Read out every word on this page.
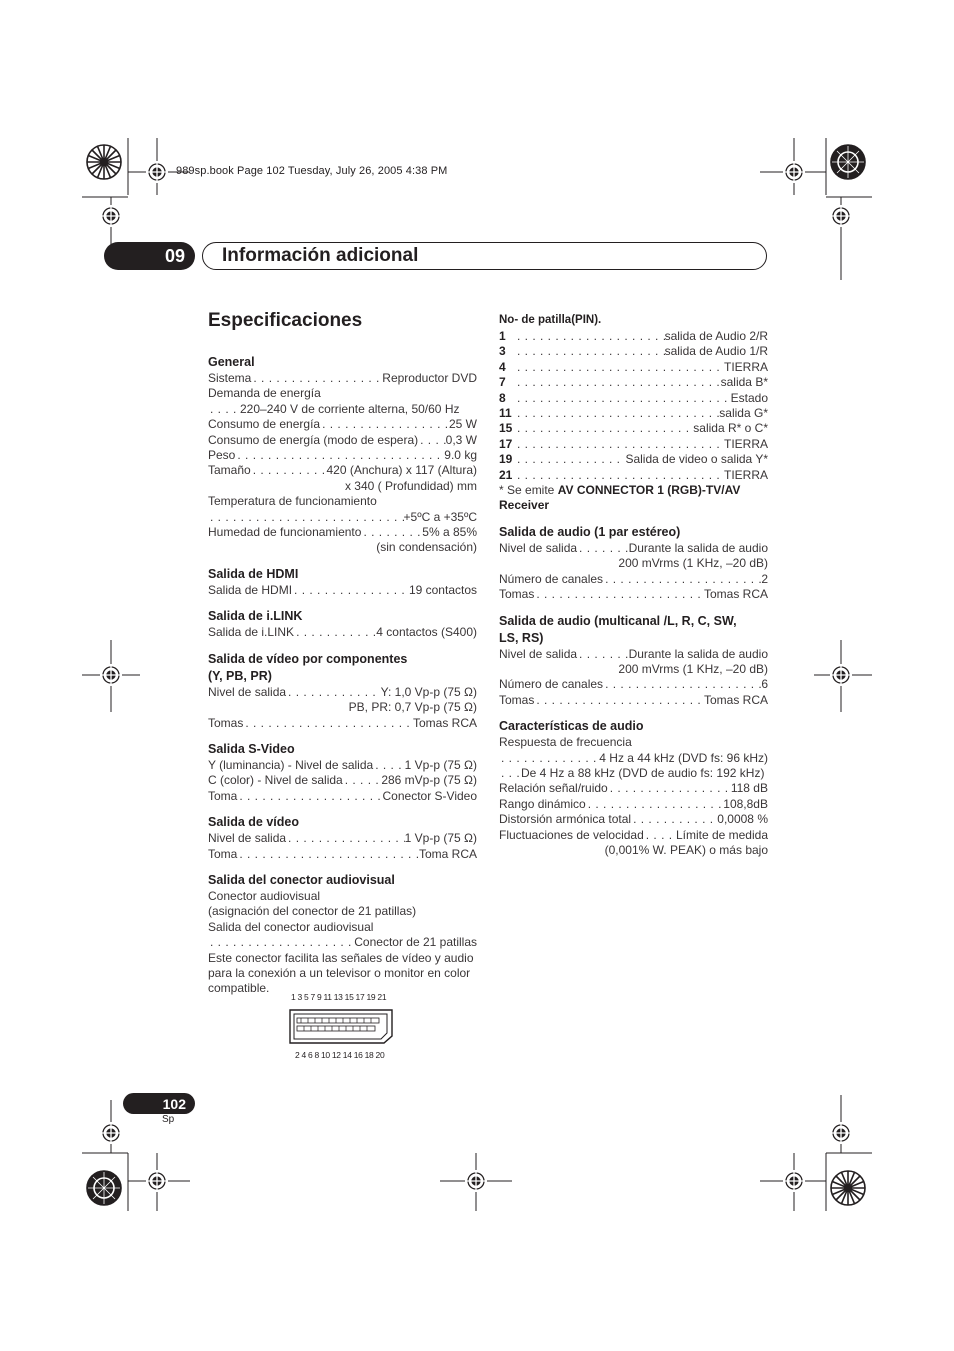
989sp.book Page 102 Tuesday, July 26, 2005 4:38 PM
09 Información adicional
Especificaciones
General
Sistema . . .	Reproductor DVD
Demanda de energía
. . .
220–240 V de corriente alterna, 50/60 Hz
Consumo de energía . . .	25 W
Consumo de energía (modo de espera) . . . 0,3 W
Peso . . .	9.0 kg
Tamaño . . .	420 (Anchura) x 117 (Altura)
x 340 ( Profundidad) mm
Temperatura de funcionamiento
. . .
+5ºC a +35ºC
Humedad de funcionamiento . . .	5% a 85%
(sin condensación)
Salida de HDMI
Salida de HDMI . . .	19 contactos
Salida de i.LINK
Salida de i.LINK . . .	4 contactos (S400)
Salida de vídeo por componentes
(Y, PB, PR)
Nivel de salida . . .	Y: 1,0 Vp-p (75 Ω)
PB, PR: 0,7 Vp-p (75 Ω)
Tomas . . .	Tomas RCA
Salida S-Video
Y (luminancia) - Nivel de salida . . .	1 Vp-p (75 Ω)
C (color) - Nivel de salida . . .	286 mVp-p (75 Ω)
Toma . . .	Conector S-Video
Salida de vídeo
Nivel de salida . . .	1 Vp-p (75 Ω)
Toma . . .	Toma RCA
Salida del conector audiovisual
Conector audiovisual
(asignación del conector de 21 patillas)
Salida del conector audiovisual
. . .
Conector de 21 patillas
Este conector facilita las señales de vídeo y audio para la conexión a un televisor o monitor en color compatible.
1 3 5 7 9 11 13 15 17 19 21
2 4 6 8 10 12 14 16 18 20
No- de patilla(PIN).
1 . . .	salida de Audio 2/R
3 . . .	salida de Audio 1/R
4 . . .	TIERRA
7 . . .	salida B*
8 . . .	Estado
11 . . .	salida G*
15 . . .	salida R* o C*
17 . . .	TIERRA
19 . . .	Salida de video o salida Y*
21 . . .	TIERRA
* Se emite AV CONNECTOR 1 (RGB)-TV/AV
Receiver
Salida de audio (1 par estéreo)
Nivel de salida . . .	Durante la salida de audio
200 mVrms (1 KHz, –20 dB)
Número de canales . . .	2
Tomas . . .	Tomas RCA
Salida de audio (multicanal /L, R, C, SW,
LS, RS)
Nivel de salida . . .	Durante la salida de audio
200 mVrms (1 KHz, –20 dB)
Número de canales . . .	6
Tomas . . .	Tomas RCA
Características de audio
Respuesta de frecuencia
. . .
4 Hz a 44 kHz (DVD fs: 96 kHz)
. . .
De 4 Hz a 88 kHz (DVD de audio fs: 192 kHz)
Relación señal/ruido . . .	118 dB
Rango dinámico . . .	108,8dB
Distorsión armónica total . . .	0,0008 %
Fluctuaciones de velocidad . . .	Límite de medida
(0,001% W. PEAK) o más bajo
102
Sp
